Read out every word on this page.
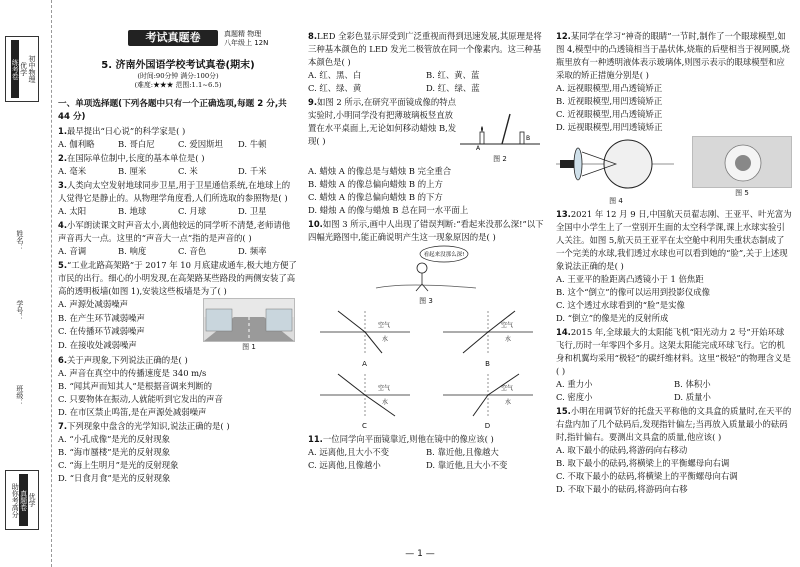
初中物理
优学
练考卷
姓名：
学号：
班级：
优学
真题卷
助你考高分
考试真题卷	真题精 物理
八年级上 12N
5. 济南外国语学校考试真卷(期末)
(时间:90分钟 满分:100分)
(难度:★★★ 范围:1.1~6.5)
一、单项选择题(下列各题中只有一个正确选项,每题 2 分,共 44 分)
1.最早提出“日心说”的科学家是( )
A. 伽利略	B. 哥白尼	C. 爱因斯坦	D. 牛顿
2.在国际单位制中,长度的基本单位是( )
A. 毫米	B. 厘米	C. 米	D. 千米
3.人类向太空发射地球同步卫星,用于卫星通信系统,在地球上的人觉得它是静止的。从物理学角度看,人们所选取的参照物是( )
A. 太阳	B. 地球	C. 月球	D. 卫星
4.小军朗读课文时声音太小,离他较远的同学听不清楚,老师请他声音再大一点。这里的“声音大一点”指的是声音的( )
A. 音调	B. 响度	C. 音色	D. 频率
5.“工业北路高架路”于 2017 年 10 月底建成通车,极大地方便了市民的出行。细心的小明发现,在高架路某些路段的两侧安装了高高的透明板墙(如图 1),安装这些板墙是为了( )
A. 声源处减弱噪声
B. 在产生环节减弱噪声
C. 在传播环节减弱噪声
D. 在接收处减弱噪声	图 1
6.关于声现象,下列说法正确的是( )
A. 声音在真空中的传播速度是 340 m/s
B. “闻其声而知其人”是根据音调来判断的
C. 只要物体在振动,人就能听到它发出的声音
D. 在市区禁止鸣笛,是在声源处减弱噪声
7.下列现象中盘含的光学知识,说法正确的是( )
A. “小孔成像”是光的反射现象
B. “海市蜃楼”是光的反射现象
C. “海上生明月”是光的反射现象
D. “日食月食”是光的反射现象
8.LED 全彩色显示屏受到广泛重视而得到迅速发展,其原理是将三种基本颜色的 LED 发光二极管放在同一个像素内。这三种基本颜色是( )
A. 红、黑、白	B. 红、黄、蓝
C. 红、绿、黄	D. 红、绿、蓝
9.如图 2 所示,在研究平面镜成像的特点实验时,小明同学没有把薄玻璃板竖直放置在水平桌面上,无论如何移动蜡烛 B,发现( )
A
B
图 2
A. 蜡烛 A 的像总是与蜡烛 B 完全重合
B. 蜡烛 A 的像总偏向蜡烛 B 的上方
C. 蜡烛 A 的像总偏向蜡烛 B 的下方
D. 蜡烛 A 的像与蜡烛 B 总在同一水平面上
10.如图 3 所示,画中人出现了错误判断:“看起来没那么深!”以下四幅光路图中,能正确说明产生这一现象原因的是( )
看起来没那么深!
图 3
空气
水
A
空气
水
B
空气
水
C
空气
水
D
11.一位同学向平面镜靠近,则他在镜中的像应该( )
A. 远离他,且大小不变	B. 靠近他,且像越大
C. 远离他,且像越小	D. 靠近他,且大小不变
12.某同学在学习“神奇的眼睛”一节时,制作了一个眼球模型,如图 4,模型中的凸透镜相当于晶状体,烧瓶的后壁相当于视网膜,烧瓶里放有一种透明液体表示玻璃体,则图示表示的眼球模型和应采取的矫正措施分别是( )
A. 远视眼模型,用凸透镜矫正
B. 近视眼模型,用凹透镜矫正
C. 近视眼模型,用凸透镜矫正
D. 远视眼模型,用凹透镜矫正
图 4
图 5
13.2021 年 12 月 9 日,中国航天员翟志刚、王亚平、叶光富为全国中小学生上了一堂别开生面的太空科学课,课上水球实验引人关注。如图 5,航天员王亚平在太空舱中利用失重状态制成了一个完美的水球,我们透过水球也可以看到她的“脸”,关于上述现象说法正确的是( )
A. 王亚平的脸距离凸透镜小于 1 倍焦距
B. 这个“倒立”的像可以运用到投影仪成像
C. 这个透过水球看到的“脸”是实像
D. “倒立”的像是光的反射所成
14.2015 年,全球最大的太阳能飞机“阳光动力 2 号”开始环球飞行,历时一年零四个多月。这架太阳能完成环球飞行。它的机身和机翼均采用“极轻”的碳纤维材料。这里“极轻”的物理含义是( )
A. 重力小	B. 体积小
C. 密度小	D. 质量小
15.小明在用调节好的托盘天平称他的文具盒的质量时,在天平的右盘内加了几个砝码后,发现指针偏左;当再放入质量最小的砝码时,指针偏右。要测出文具盒的质量,他应该( )
A. 取下最小的砝码,将游码向右移动
B. 取下最小的砝码,将横梁上的平衡螺母向右调
C. 不取下最小的砝码,将横梁上的平衡螺母向右调
D. 不取下最小的砝码,将游码向右移
— 1 —
